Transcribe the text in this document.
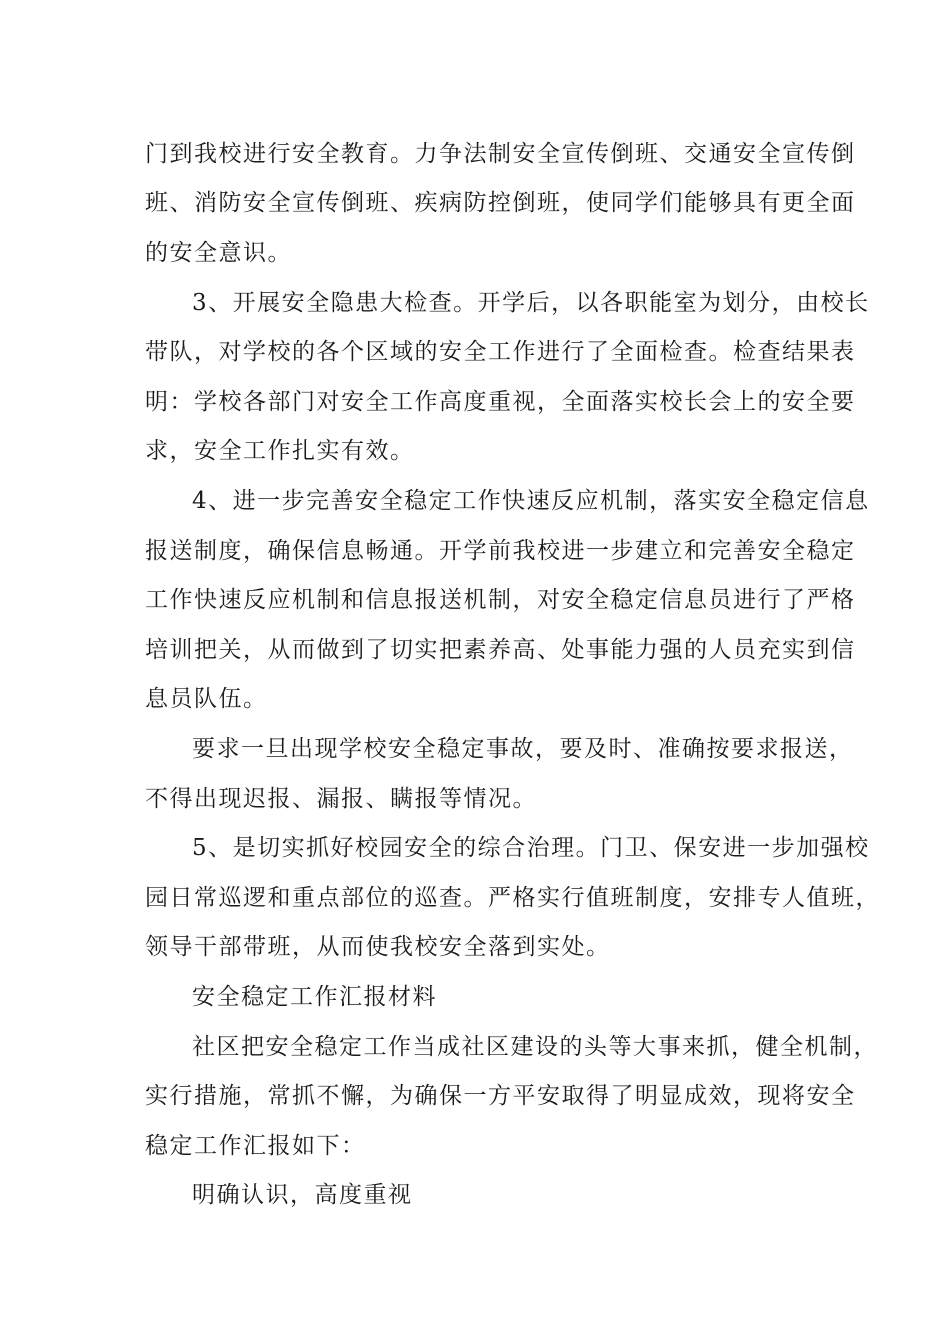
门到我校进行安全教育。力争法制安全宣传倒班、交通安全宣传倒
班、消防安全宣传倒班、疾病防控倒班，使同学们能够具有更全面
的安全意识。
3、开展安全隐患大检查。开学后，以各职能室为划分，由校长
带队，对学校的各个区域的安全工作进行了全面检查。检查结果表
明：学校各部门对安全工作高度重视，全面落实校长会上的安全要
求，安全工作扎实有效。
4、进一步完善安全稳定工作快速反应机制，落实安全稳定信息
报送制度，确保信息畅通。开学前我校进一步建立和完善安全稳定
工作快速反应机制和信息报送机制，对安全稳定信息员进行了严格
培训把关，从而做到了切实把素养高、处事能力强的人员充实到信
息员队伍。
要求一旦出现学校安全稳定事故，要及时、准确按要求报送，
不得出现迟报、漏报、瞒报等情况。
5、是切实抓好校园安全的综合治理。门卫、保安进一步加强校
园日常巡逻和重点部位的巡查。严格实行值班制度，安排专人值班，
领导干部带班，从而使我校安全落到实处。
安全稳定工作汇报材料
社区把安全稳定工作当成社区建设的头等大事来抓，健全机制，
实行措施，常抓不懈，为确保一方平安取得了明显成效，现将安全
稳定工作汇报如下：
明确认识，高度重视
